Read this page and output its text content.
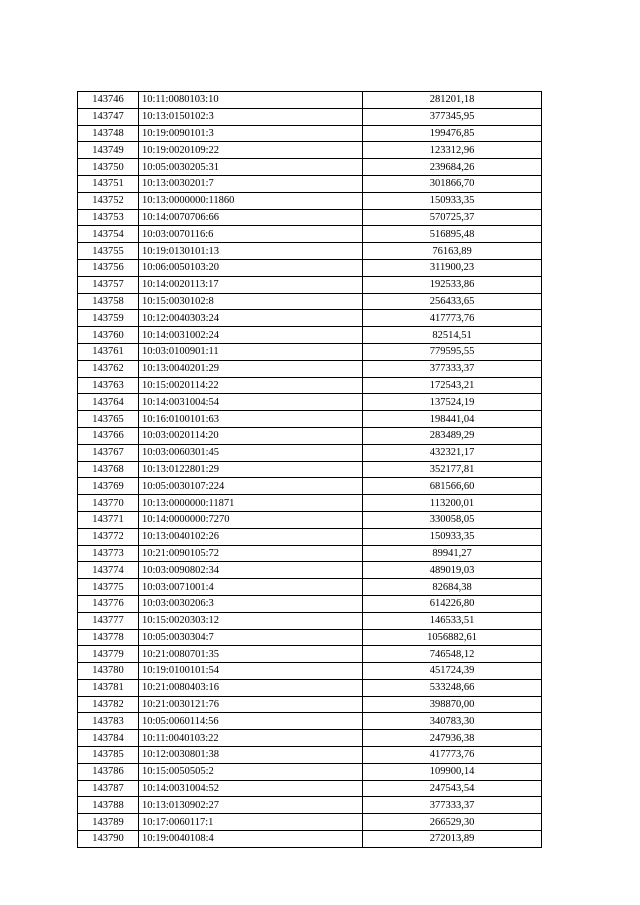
143746	10:11:0080103:10	281201,18
143747	10:13:0150102:3	377345,95
143748	10:19:0090101:3	199476,85
143749	10:19:0020109:22	123312,96
143750	10:05:0030205:31	239684,26
143751	10:13:0030201:7	301866,70
143752	10:13:0000000:11860	150933,35
143753	10:14:0070706:66	570725,37
143754	10:03:0070116:6	516895,48
143755	10:19:0130101:13	76163,89
143756	10:06:0050103:20	311900,23
143757	10:14:0020113:17	192533,86
143758	10:15:0030102:8	256433,65
143759	10:12:0040303:24	417773,76
143760	10:14:0031002:24	82514,51
143761	10:03:0100901:11	779595,55
143762	10:13:0040201:29	377333,37
143763	10:15:0020114:22	172543,21
143764	10:14:0031004:54	137524,19
143765	10:16:0100101:63	198441,04
143766	10:03:0020114:20	283489,29
143767	10:03:0060301:45	432321,17
143768	10:13:0122801:29	352177,81
143769	10:05:0030107:224	681566,60
143770	10:13:0000000:11871	113200,01
143771	10:14:0000000:7270	330058,05
143772	10:13:0040102:26	150933,35
143773	10:21:0090105:72	89941,27
143774	10:03:0090802:34	489019,03
143775	10:03:0071001:4	82684,38
143776	10:03:0030206:3	614226,80
143777	10:15:0020303:12	146533,51
143778	10:05:0030304:7	1056882,61
143779	10:21:0080701:35	746548,12
143780	10:19:0100101:54	451724,39
143781	10:21:0080403:16	533248,66
143782	10:21:0030121:76	398870,00
143783	10:05:0060114:56	340783,30
143784	10:11:0040103:22	247936,38
143785	10:12:0030801:38	417773,76
143786	10:15:0050505:2	109900,14
143787	10:14:0031004:52	247543,54
143788	10:13:0130902:27	377333,37
143789	10:17:0060117:1	266529,30
143790	10:19:0040108:4	272013,89
